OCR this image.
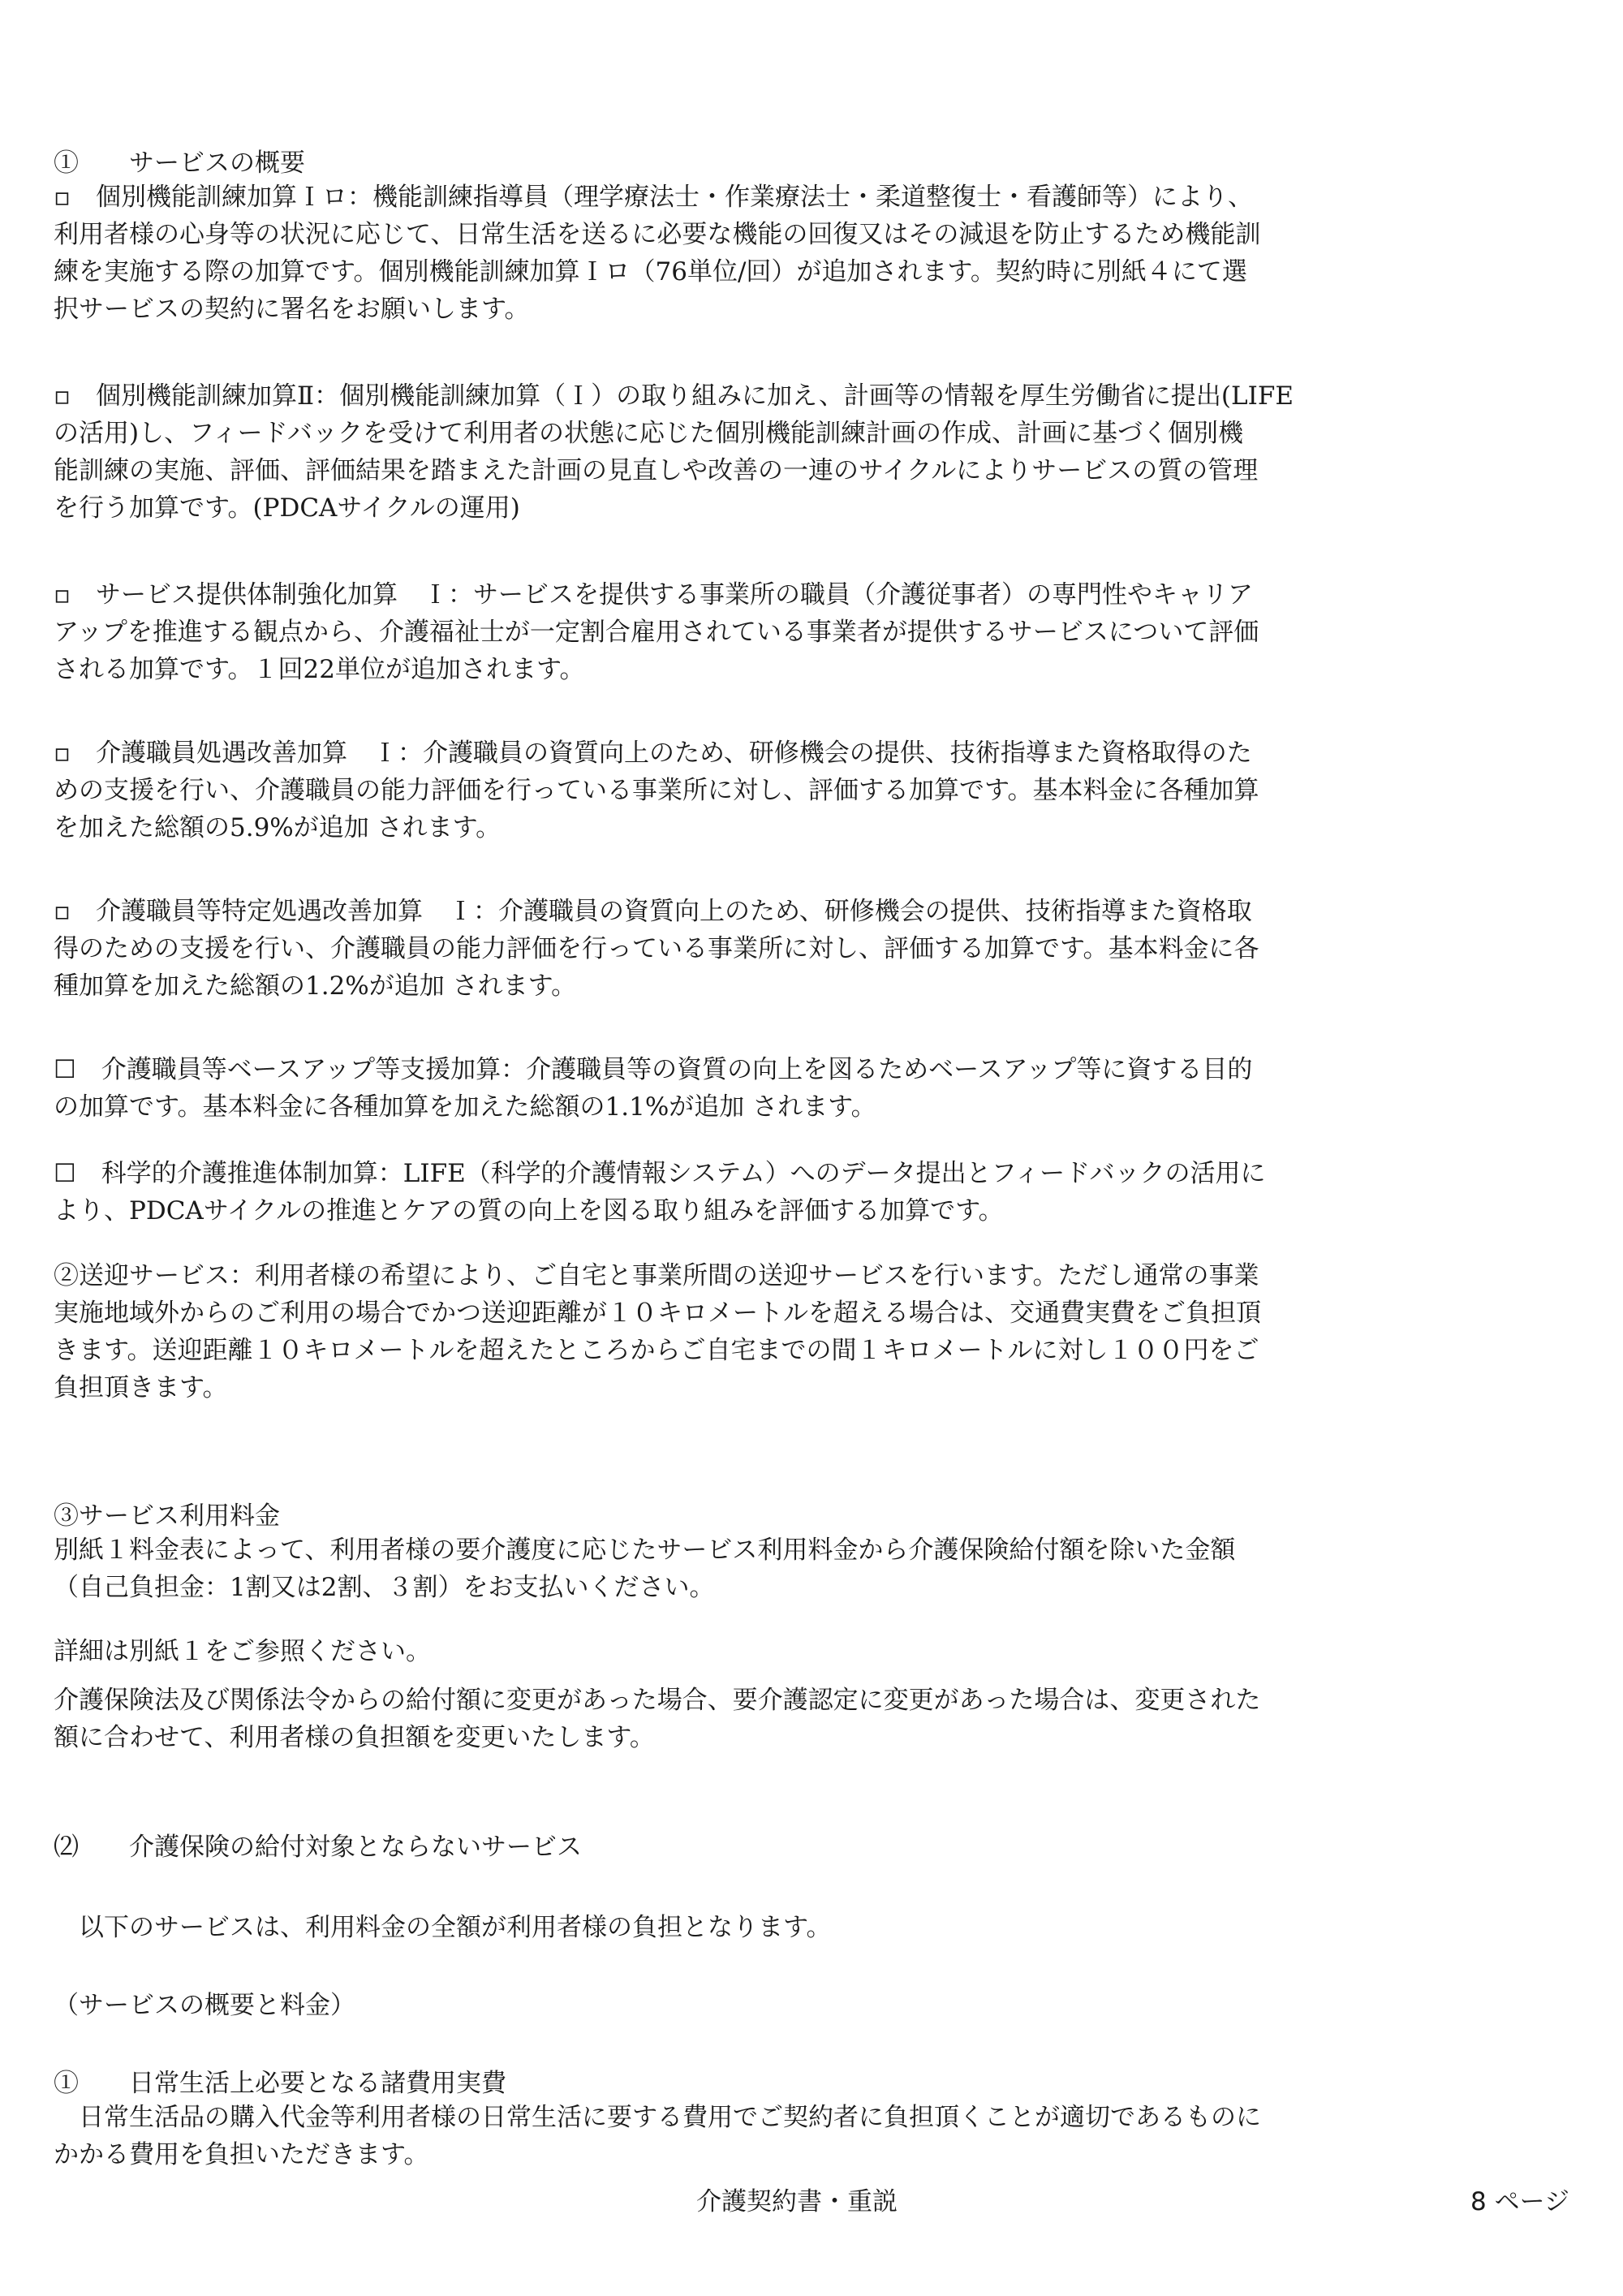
①　　サービスの概要
▫　個別機能訓練加算Ｉロ：機能訓練指導員（理学療法士・作業療法士・柔道整復士・看護師等）により、
利用者様の心身等の状況に応じて、日常生活を送るに必要な機能の回復又はその減退を防止するため機能訓
練を実施する際の加算です。個別機能訓練加算Ｉロ（76単位/回）が追加されます。契約時に別紙４にて選
択サービスの契約に署名をお願いします。
▫　個別機能訓練加算Ⅱ：個別機能訓練加算（Ｉ）の取り組みに加え、計画等の情報を厚生労働省に提出(LIFE
の活用)し、フィードバックを受けて利用者の状態に応じた個別機能訓練計画の作成、計画に基づく個別機
能訓練の実施、評価、評価結果を踏まえた計画の見直しや改善の一連のサイクルによりサービスの質の管理
を行う加算です。(PDCAサイクルの運用)
▫　サービス提供体制強化加算　Ｉ：サービスを提供する事業所の職員（介護従事者）の専門性やキャリア
アップを推進する観点から、介護福祉士が一定割合雇用されている事業者が提供するサービスについて評価
される加算です。１回22単位が追加されます。
▫　介護職員処遇改善加算　Ｉ：介護職員の資質向上のため、研修機会の提供、技術指導また資格取得のた
めの支援を行い、介護職員の能力評価を行っている事業所に対し、評価する加算です。基本料金に各種加算
を加えた総額の5.9%が追加 されます。
▫　介護職員等特定処遇改善加算　Ｉ：介護職員の資質向上のため、研修機会の提供、技術指導また資格取
得のための支援を行い、介護職員の能力評価を行っている事業所に対し、評価する加算です。基本料金に各
種加算を加えた総額の1.2%が追加 されます。
☐　介護職員等ベースアップ等支援加算：介護職員等の資質の向上を図るためベースアップ等に資する目的
の加算です。基本料金に各種加算を加えた総額の1.1%が追加 されます。
☐　科学的介護推進体制加算：LIFE（科学的介護情報システム）へのデータ提出とフィードバックの活用に
より、PDCAサイクルの推進とケアの質の向上を図る取り組みを評価する加算です。
②送迎サービス：利用者様の希望により、ご自宅と事業所間の送迎サービスを行います。ただし通常の事業
実施地域外からのご利用の場合でかつ送迎距離が１０キロメートルを超える場合は、交通費実費をご負担頂
きます。送迎距離１０キロメートルを超えたところからご自宅までの間１キロメートルに対し１００円をご
負担頂きます。
③サービス利用料金
別紙１料金表によって、利用者様の要介護度に応じたサービス利用料金から介護保険給付額を除いた金額
（自己負担金：1割又は2割、３割）をお支払いください。
詳細は別紙１をご参照ください。
介護保険法及び関係法令からの給付額に変更があった場合、要介護認定に変更があった場合は、変更された
額に合わせて、利用者様の負担額を変更いたします。
⑵　　介護保険の給付対象とならないサービス
　以下のサービスは、利用料金の全額が利用者様の負担となります。
（サービスの概要と料金）
①　　日常生活上必要となる諸費用実費
　日常生活品の購入代金等利用者様の日常生活に要する費用でご契約者に負担頂くことが適切であるものに
かかる費用を負担いただきます。
介護契約書・重説	8 ページ
